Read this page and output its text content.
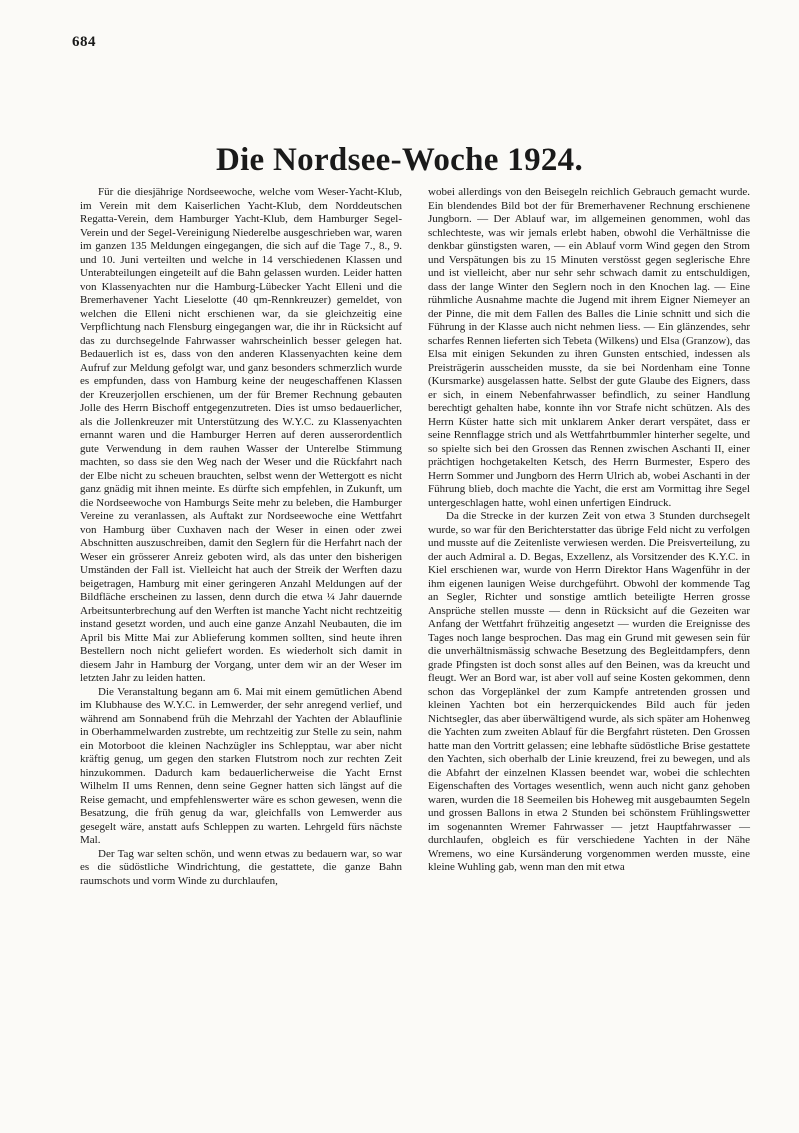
684
Die Nordsee-Woche 1924.

Für die diesjährige Nordseewoche, welche vom Weser-Yacht-Klub, im Verein mit dem Kaiserlichen Yacht-Klub, dem Norddeutschen Regatta-Verein, dem Hamburger Yacht-Klub, dem Hamburger Segel-Verein und der Segel-Vereinigung Niederelbe ausgeschrieben war, waren im ganzen 135 Meldungen eingegangen, die sich auf die Tage 7., 8., 9. und 10. Juni verteilten und welche in 14 verschiedenen Klassen und Unterabteilungen eingeteilt auf die Bahn gelassen wurden. Leider hatten von Klassenyachten nur die Hamburg-Lübecker Yacht Elleni und die Bremerhavener Yacht Lieselotte (40 qm-Rennkreuzer) gemeldet, von welchen die Elleni nicht erschienen war, da sie gleichzeitig eine Verpflichtung nach Flensburg eingegangen war, die ihr in Rücksicht auf das zu durchsegelnde Fahrwasser wahrscheinlich besser gelegen hat. Bedauerlich ist es, dass von den anderen Klassenyachten keine dem Aufruf zur Meldung gefolgt war, und ganz besonders schmerzlich wurde es empfunden, dass von Hamburg keine der neugeschaffenen Klassen der Kreuzerjollen erschienen, um der für Bremer Rechnung gebauten Jolle des Herrn Bischoff entgegenzutreten. Dies ist umso bedauerlicher, als die Jollenkreuzer mit Unterstützung des W.Y.C. zu Klassenyachten ernannt waren und die Hamburger Herren auf deren ausserordentlich gute Verwendung in dem rauhen Wasser der Unterelbe Stimmung machten, so dass sie den Weg nach der Weser und die Rückfahrt nach der Elbe nicht zu scheuen brauchten, selbst wenn der Wettergott es nicht ganz gnädig mit ihnen meinte. Es dürfte sich empfehlen, in Zukunft, um die Nordseewoche von Hamburgs Seite mehr zu beleben, die Hamburger Vereine zu veranlassen, als Auftakt zur Nordseewoche eine Wettfahrt von Hamburg über Cuxhaven nach der Weser in einen oder zwei Abschnitten auszuschreiben, damit den Seglern für die Herfahrt nach der Weser ein grösserer Anreiz geboten wird, als das unter den bisherigen Umständen der Fall ist. Vielleicht hat auch der Streik der Werften dazu beigetragen, Hamburg mit einer geringeren Anzahl Meldungen auf der Bildfläche erscheinen zu lassen, denn durch die etwa ¼ Jahr dauernde Arbeitsunterbrechung auf den Werften ist manche Yacht nicht rechtzeitig instand gesetzt worden, und auch eine ganze Anzahl Neubauten, die im April bis Mitte Mai zur Ablieferung kommen sollten, sind heute ihren Bestellern noch nicht geliefert worden. Es wiederholt sich damit in diesem Jahr in Hamburg der Vorgang, unter dem wir an der Weser im letzten Jahr zu leiden hatten.

Die Veranstaltung begann am 6. Mai mit einem gemütlichen Abend im Klubhause des W.Y.C. in Lemwerder, der sehr anregend verlief, und während am Sonnabend früh die Mehrzahl der Yachten der Ablauflinie in Oberhammelwarden zustrebte, um rechtzeitig zur Stelle zu sein, nahm ein Motorboot die kleinen Nachzügler ins Schlepptau, war aber nicht kräftig genug, um gegen den starken Flutstrom noch zur rechten Zeit hinzukommen. Dadurch kam bedauerlicherweise die Yacht Ernst Wilhelm II ums Rennen, denn seine Gegner hatten sich längst auf die Reise gemacht, und empfehlenswerter wäre es schon gewesen, wenn die Besatzung, die früh genug da war, gleichfalls von Lemwerder aus gesegelt wäre, anstatt aufs Schleppen zu warten. Lehrgeld fürs nächste Mal.

Der Tag war selten schön, und wenn etwas zu bedauern war, so war es die südöstliche Windrichtung, die gestattete, die ganze Bahn raumschots und vorm Winde zu durchlaufen,

wobei allerdings von den Beisegeln reichlich Gebrauch gemacht wurde. Ein blendendes Bild bot der für Bremerhavener Rechnung erschienene Jungborn. — Der Ablauf war, im allgemeinen genommen, wohl das schlechteste, was wir jemals erlebt haben, obwohl die Verhältnisse die denkbar günstigsten waren, — ein Ablauf vorm Wind gegen den Strom und Verspätungen bis zu 15 Minuten verstösst gegen seglerische Ehre und ist vielleicht, aber nur sehr sehr schwach damit zu entschuldigen, dass der lange Winter den Seglern noch in den Knochen lag. — Eine rühmliche Ausnahme machte die Jugend mit ihrem Eigner Niemeyer an der Pinne, die mit dem Fallen des Balles die Linie schnitt und sich die Führung in der Klasse auch nicht nehmen liess. — Ein glänzendes, sehr scharfes Rennen lieferten sich Tebeta (Wilkens) und Elsa (Granzow), das Elsa mit einigen Sekunden zu ihren Gunsten entschied, indessen als Preisträgerin ausscheiden musste, da sie bei Nordenham eine Tonne (Kursmarke) ausgelassen hatte. Selbst der gute Glaube des Eigners, dass er sich, in einem Nebenfahrwasser befindlich, zu seiner Handlung berechtigt gehalten habe, konnte ihn vor Strafe nicht schützen. Als des Herrn Küster hatte sich mit unklarem Anker derart verspätet, dass er seine Rennflagge strich und als Wettfahrtbummler hinterher segelte, und so spielte sich bei den Grossen das Rennen zwischen Aschanti II, einer prächtigen hochgetakelten Ketsch, des Herrn Burmester, Espero des Herrn Sommer und Jungborn des Herrn Ulrich ab, wobei Aschanti in der Führung blieb, doch machte die Yacht, die erst am Vormittag ihre Segel untergeschlagen hatte, wohl einen unfertigen Eindruck.

Da die Strecke in der kurzen Zeit von etwa 3 Stunden durchsegelt wurde, so war für den Berichterstatter das übrige Feld nicht zu verfolgen und musste auf die Zeitenliste verwiesen werden. Die Preisverteilung, zu der auch Admiral a. D. Begas, Exzellenz, als Vorsitzender des K.Y.C. in Kiel erschienen war, wurde von Herrn Direktor Hans Wagenführ in der ihm eigenen launigen Weise durchgeführt. Obwohl der kommende Tag an Segler, Richter und sonstige amtlich beteiligte Herren grosse Ansprüche stellen musste — denn in Rücksicht auf die Gezeiten war Anfang der Wettfahrt frühzeitig angesetzt — wurden die Ereignisse des Tages noch lange besprochen. Das mag ein Grund mit gewesen sein für die unverhältnismässig schwache Besetzung des Begleitdampfers, denn grade Pfingsten ist doch sonst alles auf den Beinen, was da kreucht und fleugt. Wer an Bord war, ist aber voll auf seine Kosten gekommen, denn schon das Vorgeplänkel der zum Kampfe antretenden grossen und kleinen Yachten bot ein herzerquickendes Bild auch für jeden Nichtsegler, das aber überwältigend wurde, als sich später am Hohenweg die Yachten zum zweiten Ablauf für die Bergfahrt rüsteten. Den Grossen hatte man den Vortritt gelassen; eine lebhafte südöstliche Brise gestattete den Yachten, sich oberhalb der Linie kreuzend, frei zu bewegen, und als die Abfahrt der einzelnen Klassen beendet war, wobei die schlechten Eigenschaften des Vortages wesentlich, wenn auch nicht ganz gehoben waren, wurden die 18 Seemeilen bis Hoheweg mit ausgebaumten Segeln und grossen Ballons in etwa 2 Stunden bei schönstem Frühlingswetter im sogenannten Wremer Fahrwasser — jetzt Hauptfahrwasser — durchlaufen, obgleich es für verschiedene Yachten in der Nähe Wremens, wo eine Kursänderung vorgenommen werden musste, eine kleine Wuhling gab, wenn man den mit etwa
